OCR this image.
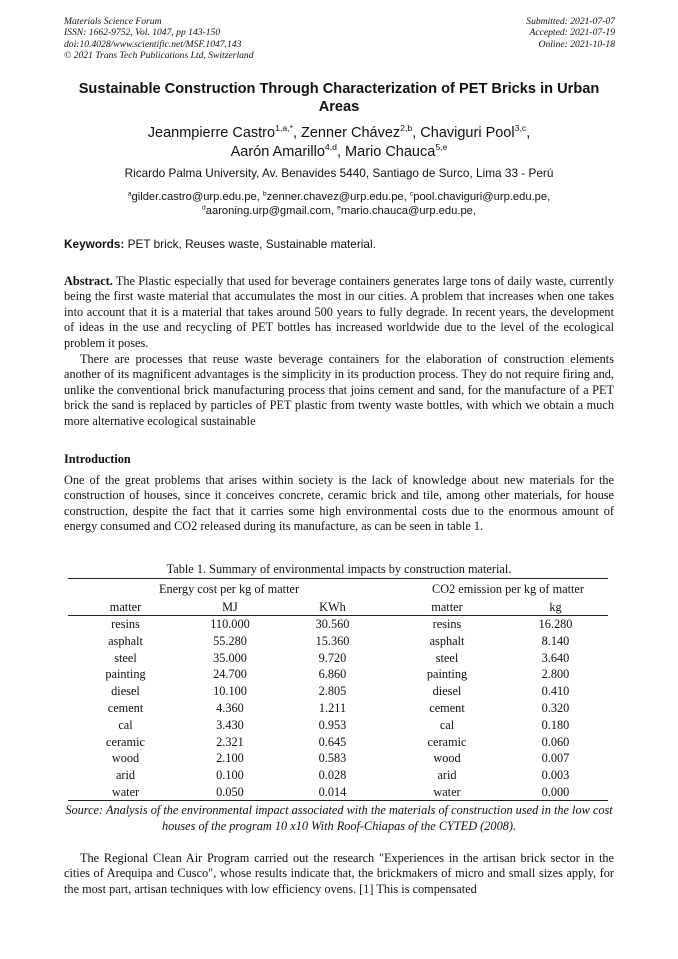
Materials Science Forum
ISSN: 1662-9752, Vol. 1047, pp 143-150
doi:10.4028/www.scientific.net/MSF.1047.143
© 2021 Trans Tech Publications Ltd, Switzerland
Submitted: 2021-07-07
Accepted: 2021-07-19
Online: 2021-10-18
Sustainable Construction Through Characterization of PET Bricks in Urban Areas
Jeanmpierre Castro$^{1,a,*}$, Zenner Chávez$^{2,b}$, Chaviguri Pool$^{3,c}$,
Aarón Amarillo$^{4,d}$, Mario Chauca$^{5,e}$
Ricardo Palma University, Av. Benavides 5440, Santiago de Surco, Lima 33 - Perú
$^a$gilder.castro@urp.edu.pe, $^b$zenner.chavez@urp.edu.pe, $^c$pool.chaviguri@urp.edu.pe,
$^d$aaroning.urp@gmail.com, $^e$mario.chauca@urp.edu.pe,
Keywords: PET brick, Reuses waste, Sustainable material.

Abstract. The Plastic especially that used for beverage containers generates large tons of daily waste, currently being the first waste material that accumulates the most in our cities. A problem that increases when one takes into account that it is a material that takes around 500 years to fully degrade. In recent years, the development of ideas in the use and recycling of PET bottles has increased worldwide due to the level of the ecological problem it poses.

There are processes that reuse waste beverage containers for the elaboration of construction elements another of its magnificent advantages is the simplicity in its production process. They do not require firing and, unlike the conventional brick manufacturing process that joins cement and sand, for the manufacture of a PET brick the sand is replaced by particles of PET plastic from twenty waste bottles, with which we obtain a much more alternative ecological sustainable

Introduction

One of the great problems that arises within society is the lack of knowledge about new materials for the construction of houses, since it conceives concrete, ceramic brick and tile, among other materials, for house construction, despite the fact that it carries some high environmental costs due to the enormous amount of energy consumed and CO2 released during its manufacture, as can be seen in table 1.

Table 1. Summary of environmental impacts by construction material.
Energy cost per kg of matter	CO2 emission per kg of matter
matter	MJ	KWh	matter	kg
resins	110.000	30.560	resins	16.280
asphalt	55.280	15.360	asphalt	8.140
steel	35.000	9.720	steel	3.640
painting	24.700	6.860	painting	2.800
diesel	10.100	2.805	diesel	0.410
cement	4.360	1.211	cement	0.320
cal	3.430	0.953	cal	0.180
ceramic	2.321	0.645	ceramic	0.060
wood	2.100	0.583	wood	0.007
arid	0.100	0.028	arid	0.003
water	0.050	0.014	water	0.000
Source: Analysis of the environmental impact associated with the materials of construction used in the low cost houses of the program 10 x10 With Roof-Chiapas of the CYTED (2008).

The Regional Clean Air Program carried out the research "Experiences in the artisan brick sector in the cities of Arequipa and Cusco", whose results indicate that, the brickmakers of micro and small sizes apply, for the most part, artisan techniques with low efficiency ovens. [1] This is compensated
